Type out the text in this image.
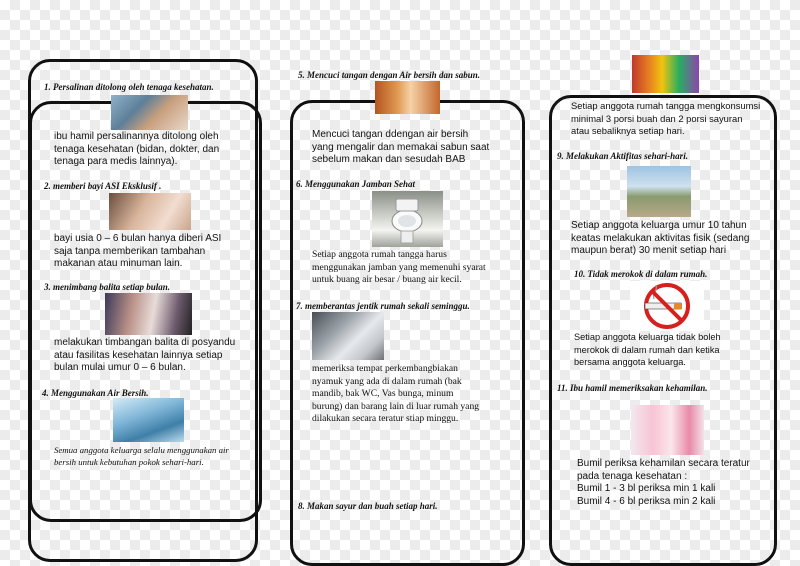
1. Persalinan ditolong oleh tenaga kesehatan.
ibu hamil persalinannya ditolong oleh
tenaga kesehatan (bidan, dokter, dan
tenaga para medis lainnya).
2. memberi bayi ASI Eksklusif .
bayi usia 0 – 6 bulan hanya diberi ASI
saja tanpa memberikan tambahan
makanan atau minuman lain.
3. menimbang balita setiap bulan.
melakukan timbangan balita di posyandu
atau fasilitas kesehatan lainnya setiap
bulan mulai umur 0 – 6 bulan.
4. Menggunakan Air Bersih.
Semua anggota keluarga selalu menggunakan air
bersih untuk kebutuhan pokok sehari-hari.
5. Mencuci tangan dengan Air bersih dan sabun.
Mencuci tangan ddengan air bersih
yang mengalir dan memakai sabun saat
sebelum makan dan sesudah BAB
6. Menggunakan Jamban Sehat
Setiap anggota rumah tangga harus
menggunakan jamban yang memenuhi syarat
untuk buang air besar / buang air kecil.
7. memberantas jentik rumah sekali seminggu.
memeriksa tempat perkembangbiakan
nyamuk yang ada di dalam rumah (bak
mandib, bak WC, Vas bunga, minum
burung) dan barang lain di luar rumah yang
dilakukan secara teratur stiap minggu.
8. Makan sayur dan buah setiap hari.
Setiap anggota rumah tangga mengkonsumsi
minimal 3 porsi buah dan 2 porsi sayuran
atau sebaliknya setiap hari.
9. Melakukan Aktifitas sehari-hari.
Setiap anggota keluarga umur 10 tahun
keatas melakukan aktivitas fisik (sedang
maupun berat) 30 menit setiap hari
10. Tidak merokok di dalam rumah.
Setiap anggota keluarga tidak boleh
merokok di dalam rumah dan ketika
bersama anggota keluarga.
11. Ibu hamil memeriksakan kehamilan.
Bumil periksa kehamilan secara teratur
pada tenaga kesehatan :
Bumil 1 - 3 bl periksa min 1 kali
Bumil 4 - 6 bl periksa min 2 kali
